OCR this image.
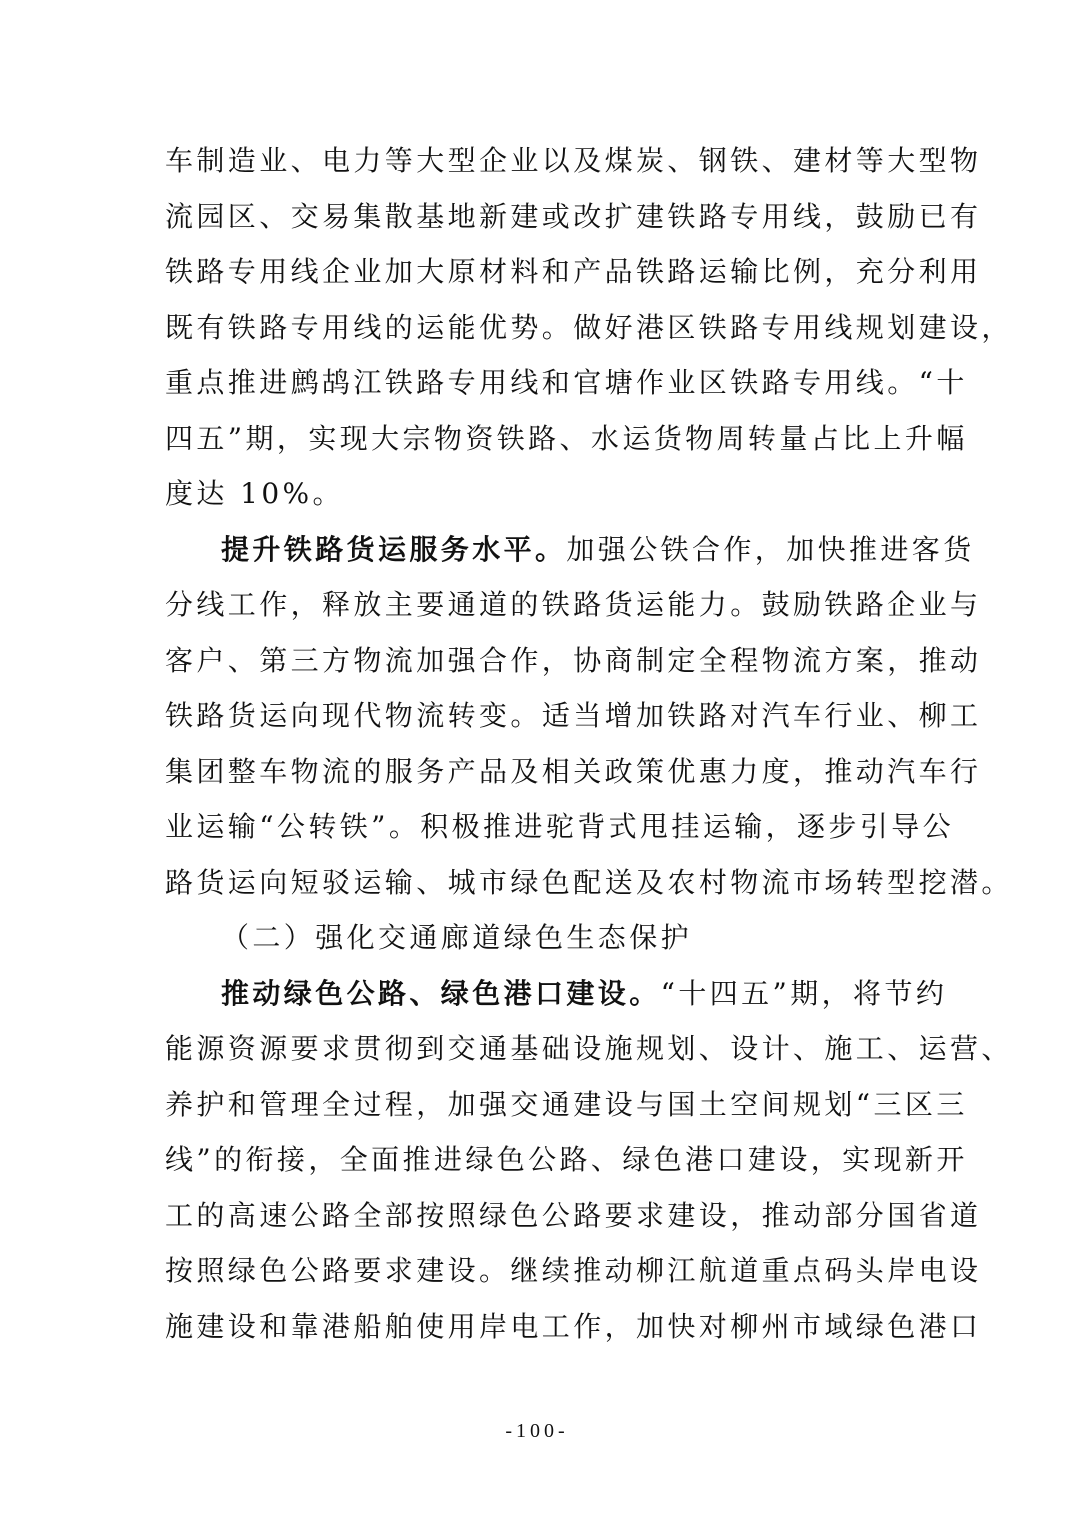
车制造业、电力等大型企业以及煤炭、钢铁、建材等大型物
流园区、交易集散基地新建或改扩建铁路专用线，鼓励已有
铁路专用线企业加大原材料和产品铁路运输比例，充分利用
既有铁路专用线的运能优势。做好港区铁路专用线规划建设，
重点推进鹧鸪江铁路专用线和官塘作业区铁路专用线。“十
四五”期，实现大宗物资铁路、水运货物周转量占比上升幅
度达 10%。
提升铁路货运服务水平。加强公铁合作，加快推进客货
分线工作，释放主要通道的铁路货运能力。鼓励铁路企业与
客户、第三方物流加强合作，协商制定全程物流方案，推动
铁路货运向现代物流转变。适当增加铁路对汽车行业、柳工
集团整车物流的服务产品及相关政策优惠力度，推动汽车行
业运输“公转铁”。积极推进驼背式甩挂运输，逐步引导公
路货运向短驳运输、城市绿色配送及农村物流市场转型挖潜。
（二）强化交通廊道绿色生态保护
推动绿色公路、绿色港口建设。“十四五”期，将节约
能源资源要求贯彻到交通基础设施规划、设计、施工、运营、
养护和管理全过程，加强交通建设与国土空间规划“三区三
线”的衔接，全面推进绿色公路、绿色港口建设，实现新开
工的高速公路全部按照绿色公路要求建设，推动部分国省道
按照绿色公路要求建设。继续推动柳江航道重点码头岸电设
施建设和靠港船舶使用岸电工作，加快对柳州市域绿色港口
-100-
